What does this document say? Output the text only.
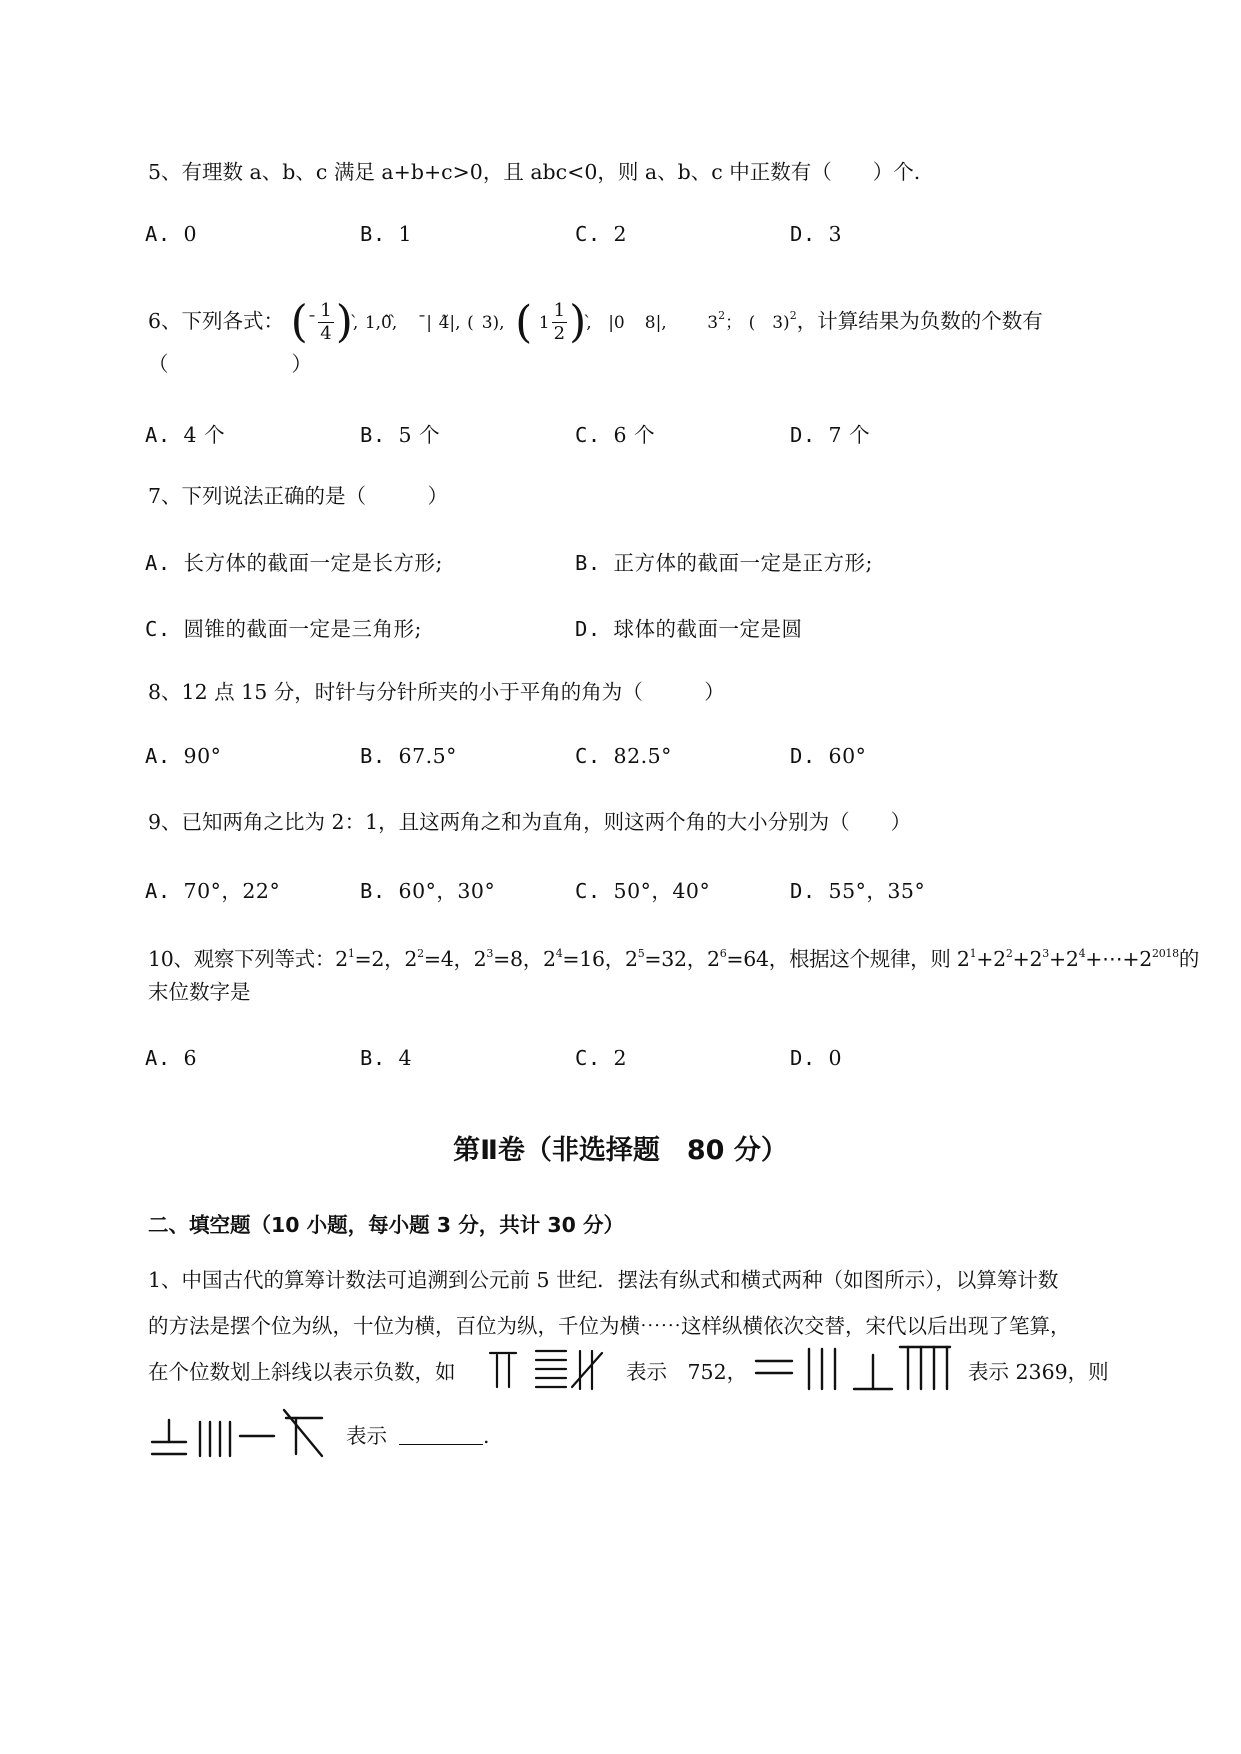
5、有理数 a、b、c 满足 a+b+c>0，且 abc<0，则 a、b、c 中正数有（　　）个.
A. 0	B. 1	C. 2	D. 3
6、下列各式： (ˉ $\frac{1}{4}$ ),̀ 1,0̃,̀ ˉ| 4̃|, ( 3), ( $1 \frac{1}{2}$ ),̀ |0 8|, $3^2$； (　3)$^2$，计算结果为负数的个数有
（　　　　　　）
A. 4 个	B. 5 个	C. 6 个	D. 7 个
7、下列说法正确的是（　　　）
A. 长方体的截面一定是长方形;	B. 正方体的截面一定是正方形;
C. 圆锥的截面一定是三角形;	D. 球体的截面一定是圆
8、12 点 15 分，时针与分针所夹的小于平角的角为（　　　）
A. 90°	B. 67.5°	C. 82.5°	D. 60°
9、已知两角之比为 2：1，且这两角之和为直角，则这两个角的大小分别为（　　）
A. 70°，22°	B. 60°，30°	C. 50°，40°	D. 55°，35°
10、观察下列等式：$2^1=2$，$2^2=4$，$2^3=8$，$2^4=16$，$2^5=32$，$2^6=64$，根据这个规律，则 $2^1+2^2+2^3+2^4+\cdots+2^{2018}$的
末位数字是
A. 6	B. 4	C. 2	D. 0
第Ⅱ卷（非选择题　80 分）
二、填空题（10 小题，每小题 3 分，共计 30 分）
1、中国古代的算筹计数法可追溯到公元前 5 世纪．摆法有纵式和横式两种（如图所示），以算筹计数
的方法是摆个位为纵，十位为横，百位为纵，千位为横⋯⋯这样纵横依次交替，宋代以后出现了笔算，
在个位数划上斜线以表示负数，如	表示　752，	表示 2369，则
表示	.
